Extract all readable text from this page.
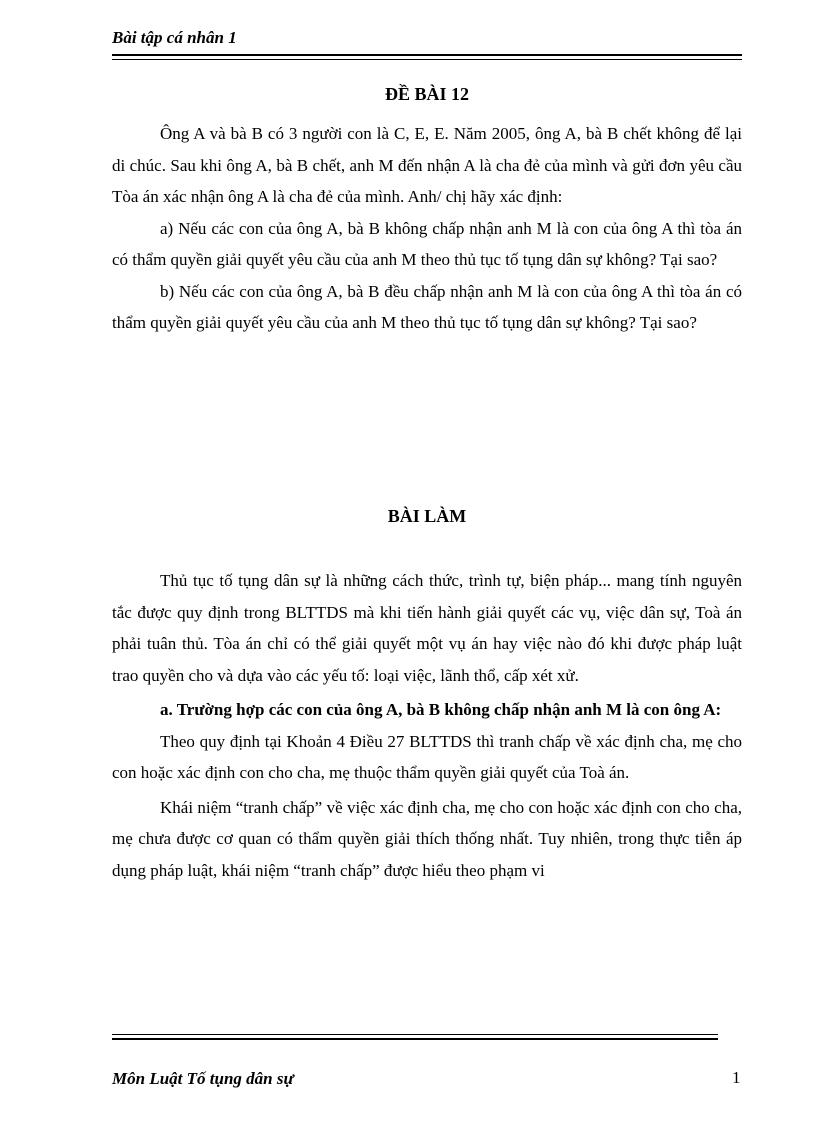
Bài tập cá nhân 1
ĐỀ BÀI 12

Ông A và bà B có 3 người con là C, E, E. Năm 2005, ông A, bà B chết không để lại di chúc. Sau khi ông A, bà B chết, anh M đến nhận A là cha đẻ của mình và gửi đơn yêu cầu Tòa án xác nhận ông A là cha đẻ của mình. Anh/ chị hãy xác định:

a) Nếu các con của ông A, bà B không chấp nhận anh M là con của ông A thì tòa án có thẩm quyền giải quyết yêu cầu của anh M theo thủ tục tố tụng dân sự không? Tại sao?

b) Nếu các con của ông A, bà B đều chấp nhận anh M là con của ông A thì tòa án có thẩm quyền giải quyết yêu cầu của anh M theo thủ tục tố tụng dân sự không? Tại sao?

BÀI LÀM

Thủ tục tố tụng dân sự là những cách thức, trình tự, biện pháp... mang tính nguyên tắc được quy định trong BLTTDS mà khi tiến hành giải quyết các vụ, việc dân sự, Toà án phải tuân thủ. Tòa án chỉ có thể giải quyết một vụ án hay việc nào đó khi được pháp luật trao quyền cho và dựa vào các yếu tố: loại việc, lãnh thổ, cấp xét xử.

a. Trường hợp các con của ông A, bà B không chấp nhận anh M là con ông A:

Theo quy định tại Khoản 4 Điều 27 BLTTDS thì tranh chấp về xác định cha, mẹ cho con hoặc xác định con cho cha, mẹ thuộc thẩm quyền giải quyết của Toà án.

Khái niệm “tranh chấp” về việc xác định cha, mẹ cho con hoặc xác định con cho cha, mẹ chưa được cơ quan có thẩm quyền giải thích thống nhất. Tuy nhiên, trong thực tiễn áp dụng pháp luật, khái niệm “tranh chấp” được hiểu theo phạm vi

Môn Luật Tố tụng dân sự	1
